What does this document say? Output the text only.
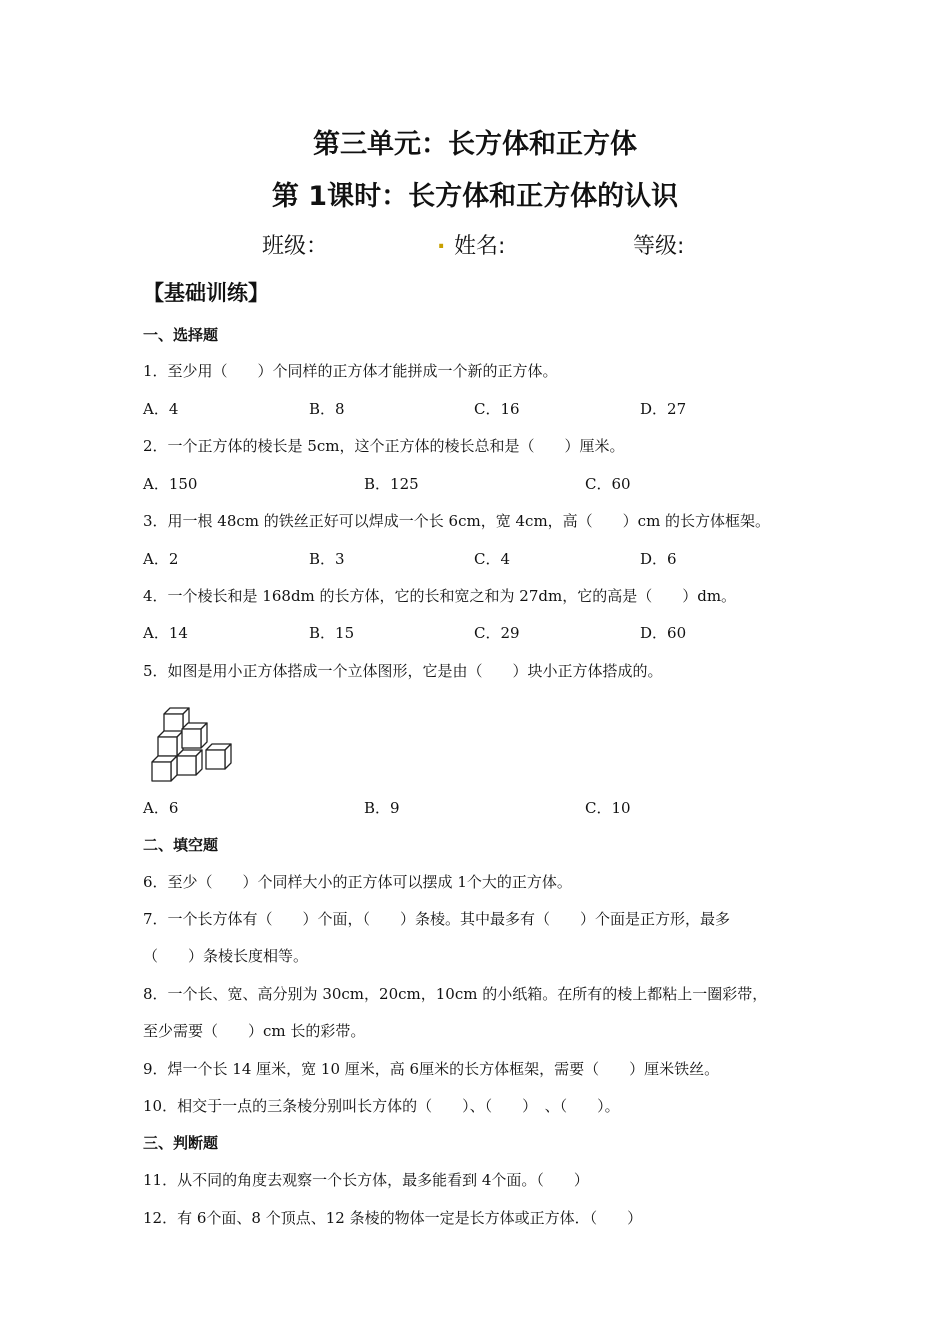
第三单元：长方体和正方体
第 1课时：长方体和正方体的认识
班级：	. 姓名:	等级:
【基础训练】
一、选择题
1．至少用（　　）个同样的正方体才能拼成一个新的正方体。
A．4	B．8	C．16	D．27
2．一个正方体的棱长是 5cm，这个正方体的棱长总和是（　　）厘米。
A．150	B．125	C．60
3．用一根 48cm 的铁丝正好可以焊成一个长 6cm，宽 4cm，高（　　）cm 的长方体框架。
A．2	B．3	C．4	D．6
4．一个棱长和是 168dm 的长方体，它的长和宽之和为 27dm，它的高是（　　）dm。
A．14	B．15	C．29	D．60
5．如图是用小正方体搭成一个立体图形，它是由（　　）块小正方体搭成的。
A．6	B．9	C．10
二、填空题
6．至少（　　）个同样大小的正方体可以摆成 1个大的正方体。
7．一个长方体有（　　）个面，（　　）条棱。其中最多有（　　）个面是正方形，最多
（　　）条棱长度相等。
8．一个长、宽、高分别为 30cm，20cm，10cm 的小纸箱。在所有的棱上都粘上一圈彩带，
至少需要（　　）cm 长的彩带。
9．焊一个长 14 厘米，宽 10 厘米，高 6厘米的长方体框架，需要（　　）厘米铁丝。
10．相交于一点的三条棱分别叫长方体的（　　）、（　　）　、（　　）。
三、判断题
11．从不同的角度去观察一个长方体，最多能看到 4个面。（　　）
12．有 6个面、8 个顶点、12 条棱的物体一定是长方体或正方体．（　　）
